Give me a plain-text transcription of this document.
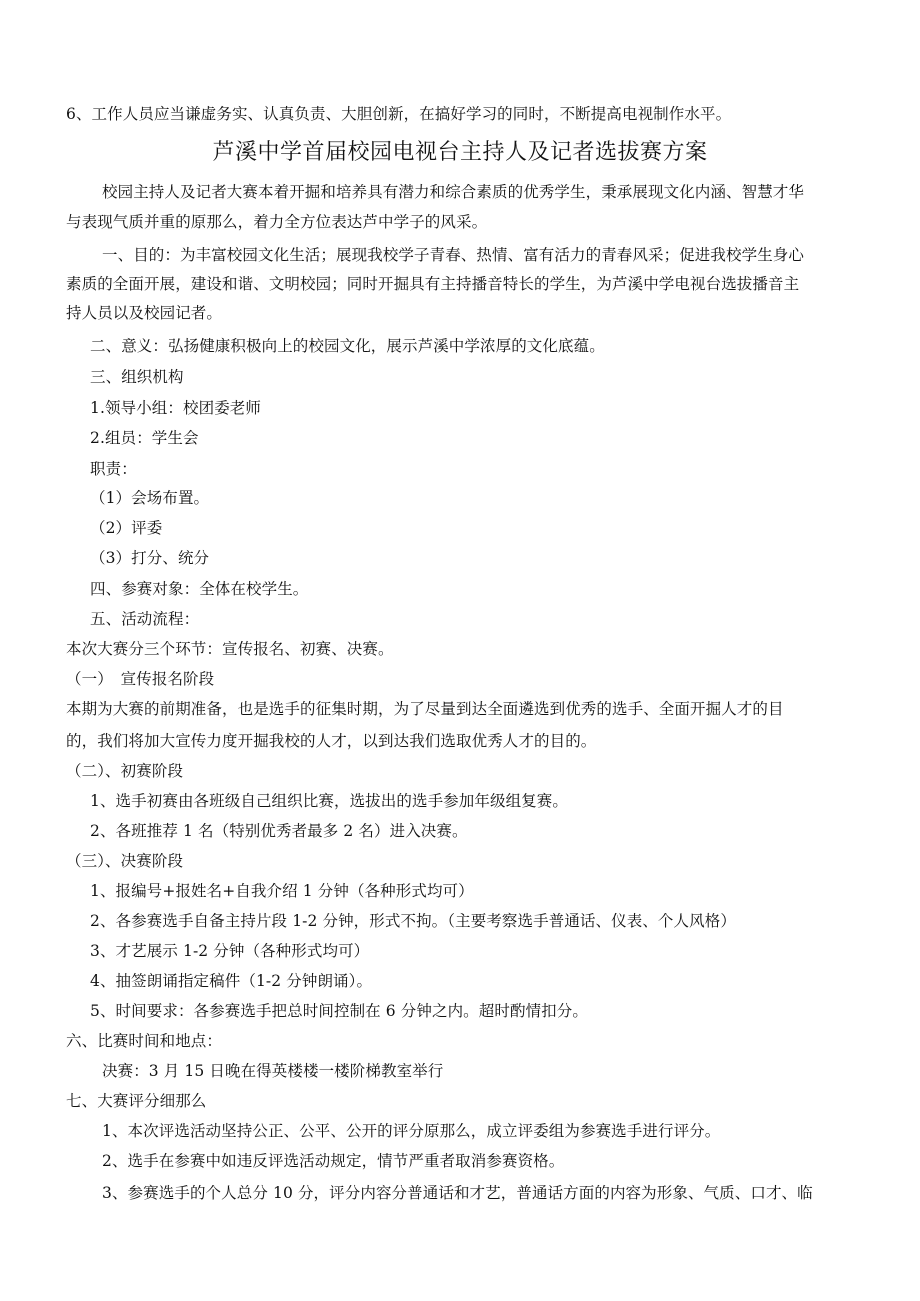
6、工作人员应当谦虚务实、认真负责、大胆创新，在搞好学习的同时，不断提高电视制作水平。
芦溪中学首届校园电视台主持人及记者选拔赛方案
校园主持人及记者大赛本着开掘和培养具有潜力和综合素质的优秀学生，秉承展现文化内涵、智慧才华
与表现气质并重的原那么，着力全方位表达芦中学子的风采。
一、目的：为丰富校园文化生活；展现我校学子青春、热情、富有活力的青春风采；促进我校学生身心
素质的全面开展，建设和谐、文明校园；同时开掘具有主持播音特长的学生，为芦溪中学电视台选拔播音主
持人员以及校园记者。
二、意义：弘扬健康积极向上的校园文化，展示芦溪中学浓厚的文化底蕴。
三、组织机构
1.领导小组：校团委老师
2.组员：学生会
职责：
（1）会场布置。
（2）评委
（3）打分、统分
四、参赛对象：全体在校学生。
五、活动流程：
本次大赛分三个环节：宣传报名、初赛、决赛。
（一）　宣传报名阶段
本期为大赛的前期准备，也是选手的征集时期，为了尽量到达全面遴选到优秀的选手、全面开掘人才的目
的，我们将加大宣传力度开掘我校的人才，以到达我们选取优秀人才的目的。
（二）、初赛阶段
1、选手初赛由各班级自己组织比赛，选拔出的选手参加年级组复赛。
2、各班推荐 1 名（特别优秀者最多 2 名）进入决赛。
（三）、决赛阶段
1、报编号+报姓名+自我介绍 1 分钟（各种形式均可）
2、各参赛选手自备主持片段 1-2 分钟，形式不拘。（主要考察选手普通话、仪表、个人风格）
3、才艺展示 1-2 分钟（各种形式均可）
4、抽签朗诵指定稿件（1-2 分钟朗诵）。
5、时间要求：各参赛选手把总时间控制在 6 分钟之内。超时酌情扣分。
六、比赛时间和地点：
决赛：3 月 15 日晚在得英楼楼一楼阶梯教室举行
七、大赛评分细那么
1、本次评选活动坚持公正、公平、公开的评分原那么，成立评委组为参赛选手进行评分。
2、选手在参赛中如违反评选活动规定，情节严重者取消参赛资格。
3、参赛选手的个人总分 10 分，评分内容分普通话和才艺，普通话方面的内容为形象、气质、口才、临
